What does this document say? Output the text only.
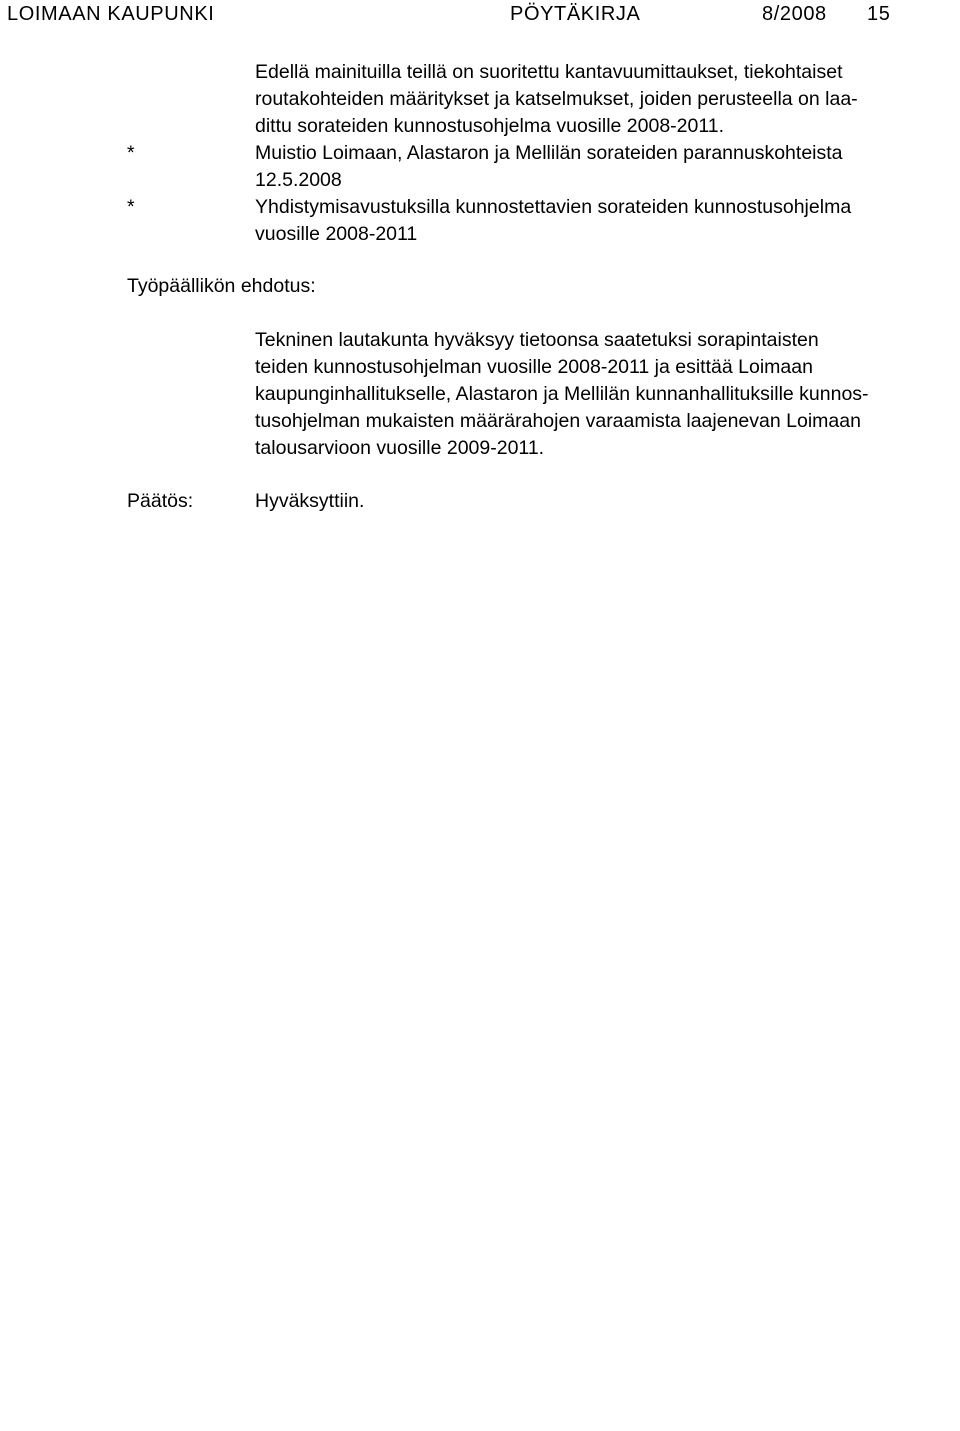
LOIMAAN KAUPUNKI	PÖYTÄKIRJA	8/2008 15
Edellä mainituilla teillä on suoritettu kantavuumittaukset, tiekohtaiset
routakohteiden määritykset ja katselmukset, joiden perusteella on laa-
dittu sorateiden kunnostusohjelma vuosille 2008-2011.
*	Muistio Loimaan, Alastaron ja Mellilän sorateiden parannuskohteista
12.5.2008
*	Yhdistymisavustuksilla kunnostettavien sorateiden kunnostusohjelma
vuosille 2008-2011
Työpäällikön ehdotus:
Tekninen lautakunta hyväksyy tietoonsa saatetuksi sorapintaisten
teiden kunnostusohjelman vuosille 2008-2011 ja esittää Loimaan
kaupunginhallitukselle, Alastaron ja Mellilän kunnanhallituksille kunnos-
tusohjelman mukaisten määrärahojen varaamista laajenevan Loimaan
talousarvioon vuosille 2009-2011.
Päätös:	Hyväksyttiin.
